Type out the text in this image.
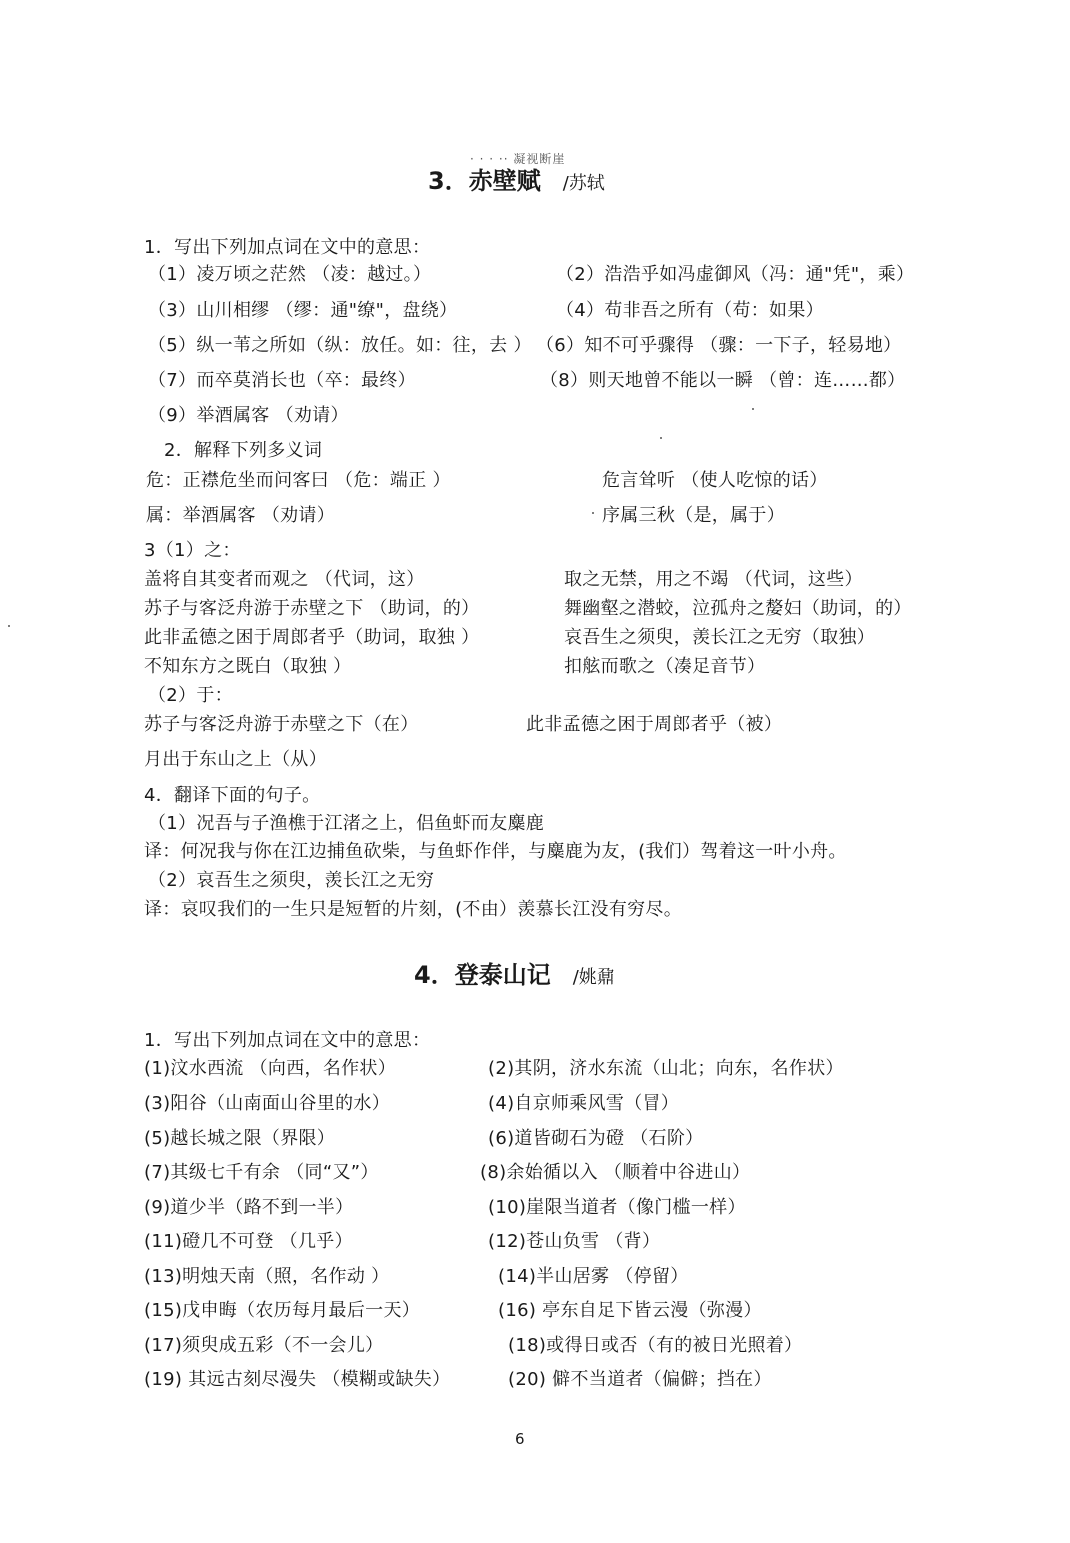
· · · ·· 凝视断崖
3．赤壁赋 /苏轼
1．写出下列加点词在文中的意思：
（1）凌万顷之茫然 （凌：越过。）	（2）浩浩乎如冯虚御风（冯：通"凭"，乘）
（3）山川相缪 （缪：通"缭"，盘绕）	（4）苟非吾之所有（苟：如果）
（5）纵一苇之所如（纵：放任。如：往，去 ） （6）知不可乎骤得 （骤：一下子，轻易地）
（7）而卒莫消长也（卒：最终）	（8）则天地曾不能以一瞬 （曾：连……都）
（9）举酒属客 （劝请）
2．解释下列多义词
危：正襟危坐而问客曰 （危：端正 ）	危言耸听 （使人吃惊的话）
属：举酒属客 （劝请）	序属三秋（是，属于）
3（1）之：
盖将自其变者而观之 （代词，这）	取之无禁，用之不竭 （代词，这些）
苏子与客泛舟游于赤壁之下 （助词，的）	舞幽壑之潜蛟，泣孤舟之嫠妇（助词，的）
此非孟德之困于周郎者乎（助词，取独 ）	哀吾生之须臾，羡长江之无穷（取独）
不知东方之既白（取独 ）	扣舷而歌之（凑足音节）
（2）于：
苏子与客泛舟游于赤壁之下（在）	此非孟德之困于周郎者乎（被）
月出于东山之上（从）
4．翻译下面的句子。
（1）况吾与子渔樵于江渚之上，侣鱼虾而友麋鹿
译：何况我与你在江边捕鱼砍柴，与鱼虾作伴，与麋鹿为友，(我们）驾着这一叶小舟。
（2）哀吾生之须臾，羡长江之无穷
译：哀叹我们的一生只是短暂的片刻，(不由）羡慕长江没有穷尽。
4．登泰山记 /姚鼐
1．写出下列加点词在文中的意思：
(1)汶水西流 （向西，名作状）	(2)其阴，济水东流（山北；向东，名作状）
(3)阳谷（山南面山谷里的水）	(4)自京师乘风雪（冒）
(5)越长城之限（界限）	(6)道皆砌石为磴 （石阶）
(7)其级七千有余 （同“又”）	(8)余始循以入 （顺着中谷进山）
(9)道少半（路不到一半）	(10)崖限当道者（像门槛一样）
(11)磴几不可登 （几乎）	(12)苍山负雪 （背）
(13)明烛天南（照，名作动 ）	(14)半山居雾 （停留）
(15)戊申晦（农历每月最后一天）	(16) 亭东自足下皆云漫（弥漫）
(17)须臾成五彩（不一会儿）	(18)或得日或否（有的被日光照着）
(19) 其远古刻尽漫失 （模糊或缺失）	(20) 僻不当道者（偏僻；挡在）
6
